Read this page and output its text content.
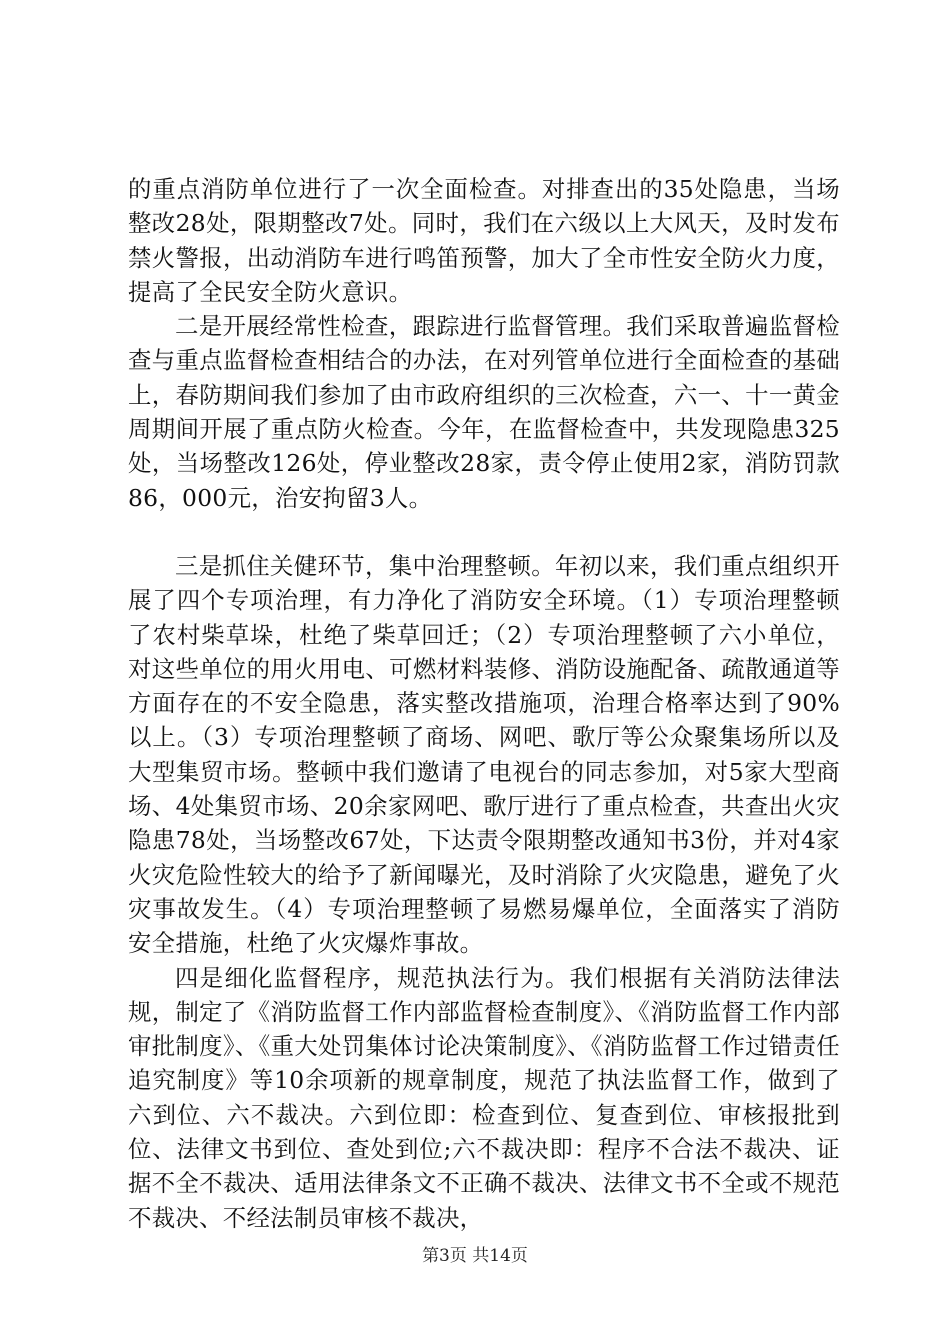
的重点消防单位进行了一次全面检查。对排查出的35处隐患，当场整改28处，限期整改7处。同时，我们在六级以上大风天，及时发布禁火警报，出动消防车进行鸣笛预警，加大了全市性安全防火力度，提高了全民安全防火意识。

二是开展经常性检查，跟踪进行监督管理。我们采取普遍监督检查与重点监督检查相结合的办法，在对列管单位进行全面检查的基础上，春防期间我们参加了由市政府组织的三次检查，六一、十一黄金周期间开展了重点防火检查。今年，在监督检查中，共发现隐患325处，当场整改126处，停业整改28家，责令停止使用2家，消防罚款86，000元，治安拘留3人。

三是抓住关健环节，集中治理整顿。年初以来，我们重点组织开展了四个专项治理，有力净化了消防安全环境。（1）专项治理整顿了农村柴草垛，杜绝了柴草回迁；（2）专项治理整顿了六小单位，对这些单位的用火用电、可燃材料装修、消防设施配备、疏散通道等方面存在的不安全隐患，落实整改措施项，治理合格率达到了90%以上。（3）专项治理整顿了商场、网吧、歌厅等公众聚集场所以及大型集贸市场。整顿中我们邀请了电视台的同志参加，对5家大型商场、4处集贸市场、20余家网吧、歌厅进行了重点检查，共查出火灾隐患78处，当场整改67处，下达责令限期整改通知书3份，并对4家火灾危险性较大的给予了新闻曝光，及时消除了火灾隐患，避免了火灾事故发生。（4）专项治理整顿了易燃易爆单位，全面落实了消防安全措施，杜绝了火灾爆炸事故。

四是细化监督程序，规范执法行为。我们根据有关消防法律法规，制定了《消防监督工作内部监督检查制度》、《消防监督工作内部审批制度》、《重大处罚集体讨论决策制度》、《消防监督工作过错责任追究制度》等10余项新的规章制度，规范了执法监督工作，做到了六到位、六不裁决。六到位即：检查到位、复查到位、审核报批到位、法律文书到位、查处到位;六不裁决即：程序不合法不裁决、证据不全不裁决、适用法律条文不正确不裁决、法律文书不全或不规范不裁决、不经法制员审核不裁决，

第3页 共14页
